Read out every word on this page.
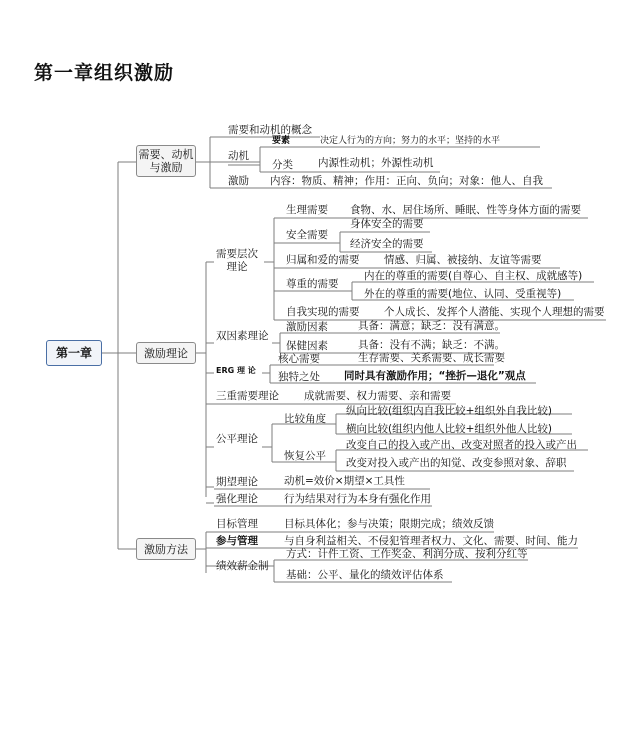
第一章组织激励
第一章
需要、动机
与激励
激励理论
激励方法
需要和动机的概念
动机
要素	决定人行为的方向；努力的水平；坚持的水平
分类 内源性动机；外源性动机
激励 内容：物质、精神；作用：正向、负向；对象：他人、自我
需要层次
理论
生理需要 食物、水、居住场所、睡眠、性等身体方面的需要
安全需要
身体安全的需要
经济安全的需要
归属和爱的需要 情感、归属、被接纳、友谊等需要
尊重的需要
内在的尊重的需要(自尊心、自主权、成就感等)
外在的尊重的需要(地位、认同、受重视等)
自我实现的需要 个人成长、发挥个人潜能、实现个人理想的需要
双因素理论
激励因素	具备：满意；缺乏：没有满意。
保健因素	具备：没有不满；缺乏：不满。
ERG 理 论
核心需要	生存需要、关系需要、成长需要
独特之处 同时具有激励作用；“挫折—退化”观点
三重需要理论 成就需要、权力需要、亲和需要
公平理论
比较角度
纵向比较(组织内自我比较+组织外自我比较)
横向比较(组织内他人比较+组织外他人比较)
恢复公平
改变自己的投入或产出、改变对照者的投入或产出
改变对投入或产出的知觉、改变参照对象、辞职
期望理论 动机=效价×期望×工具性
强化理论 行为结果对行为本身有强化作用
目标管理 目标具体化；参与决策；限期完成；绩效反馈
参与管理 与自身利益相关、不侵犯管理者权力、文化、需要、时间、能力
绩效薪金制
方式：计件工资、工作奖金、利润分成、按利分红等
基础：公平、量化的绩效评估体系
